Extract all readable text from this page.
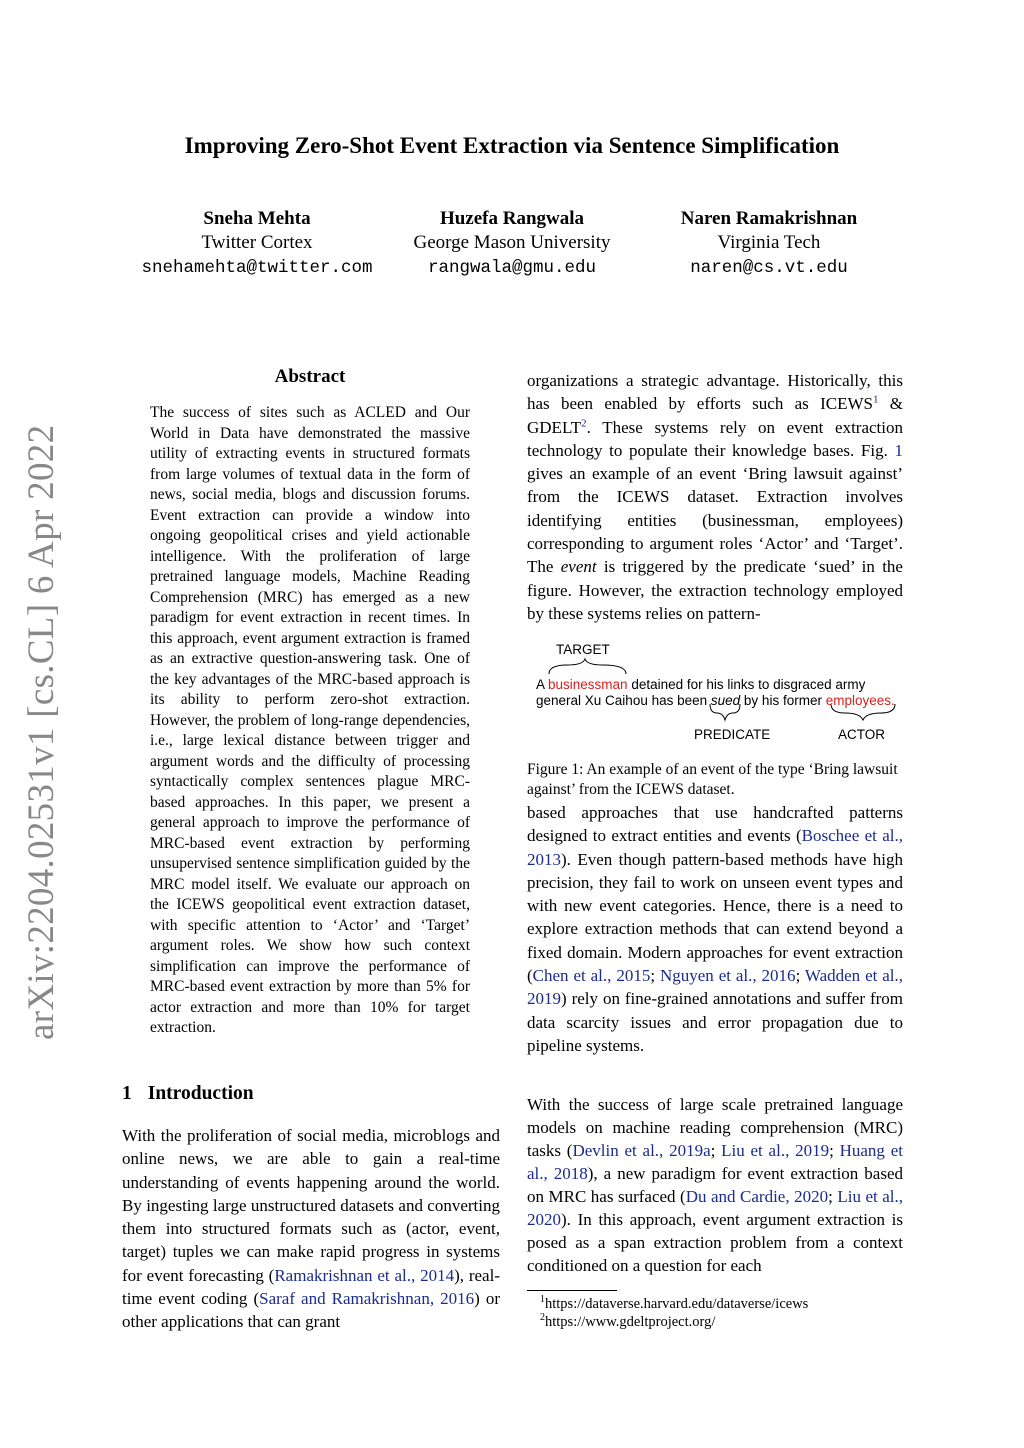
Improving Zero-Shot Event Extraction via Sentence Simplification
Sneha Mehta
Twitter Cortex
snehamehta@twitter.com
Huzefa Rangwala
George Mason University
rangwala@gmu.edu
Naren Ramakrishnan
Virginia Tech
naren@cs.vt.edu
arXiv:2204.02531v1 [cs.CL] 6 Apr 2022
Abstract
The success of sites such as ACLED and Our World in Data have demonstrated the massive utility of extracting events in structured formats from large volumes of textual data in the form of news, social media, blogs and discussion forums. Event extraction can provide a window into ongoing geopolitical crises and yield actionable intelligence. With the proliferation of large pretrained language models, Machine Reading Comprehension (MRC) has emerged as a new paradigm for event extraction in recent times. In this approach, event argument extraction is framed as an extractive question-answering task. One of the key advantages of the MRC-based approach is its ability to perform zero-shot extraction. However, the problem of long-range dependencies, i.e., large lexical distance between trigger and argument words and the difficulty of processing syntactically complex sentences plague MRC-based approaches. In this paper, we present a general approach to improve the performance of MRC-based event extraction by performing unsupervised sentence simplification guided by the MRC model itself. We evaluate our approach on the ICEWS geopolitical event extraction dataset, with specific attention to ‘Actor’ and ‘Target’ argument roles. We show how such context simplification can improve the performance of MRC-based event extraction by more than 5% for actor extraction and more than 10% for target extraction.
1 Introduction
With the proliferation of social media, microblogs and online news, we are able to gain a real-time understanding of events happening around the world. By ingesting large unstructured datasets and converting them into structured formats such as (actor, event, target) tuples we can make rapid progress in systems for event forecasting (Ramakrishnan et al., 2014), real-time event coding (Saraf and Ramakrishnan, 2016) or other applications that can grant
organizations a strategic advantage. Historically, this has been enabled by efforts such as ICEWS$^1$ & GDELT$^2$. These systems rely on event extraction technology to populate their knowledge bases. Fig. 1 gives an example of an event ‘Bring lawsuit against’ from the ICEWS dataset. Extraction involves identifying entities (businessman, employees) corresponding to argument roles ‘Actor’ and ‘Target’. The event is triggered by the predicate ‘sued’ in the figure. However, the extraction technology employed by these systems relies on pattern-
TARGET
A businessman detained for his links to disgraced army
general Xu Caihou has been sued by his former employees.
PREDICATE	ACTOR
Figure 1: An example of an event of the type ‘Bring lawsuit against’ from the ICEWS dataset.
based approaches that use handcrafted patterns designed to extract entities and events (Boschee et al., 2013). Even though pattern-based methods have high precision, they fail to work on unseen event types and with new event categories. Hence, there is a need to explore extraction methods that can extend beyond a fixed domain. Modern approaches for event extraction (Chen et al., 2015; Nguyen et al., 2016; Wadden et al., 2019) rely on fine-grained annotations and suffer from data scarcity issues and error propagation due to pipeline systems.
With the success of large scale pretrained language models on machine reading comprehension (MRC) tasks (Devlin et al., 2019a; Liu et al., 2019; Huang et al., 2018), a new paradigm for event extraction based on MRC has surfaced (Du and Cardie, 2020; Liu et al., 2020). In this approach, event argument extraction is posed as a span extraction problem from a context conditioned on a question for each
$^1$https://dataverse.harvard.edu/dataverse/icews
$^2$https://www.gdeltproject.org/
